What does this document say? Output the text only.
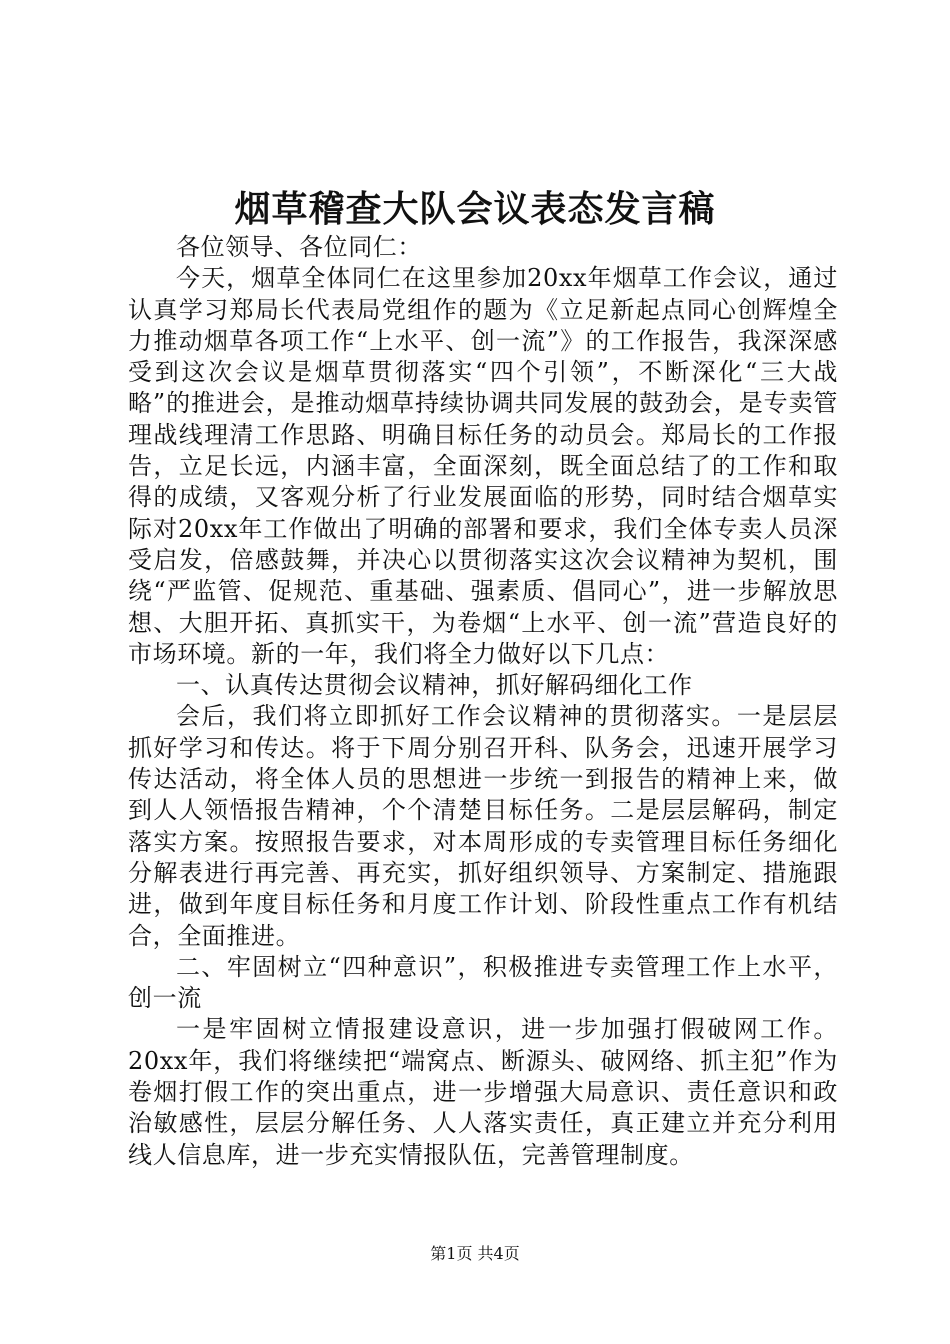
烟草稽查大队会议表态发言稿

各位领导、各位同仁：

今天，烟草全体同仁在这里参加20xx年烟草工作会议，通过认真学习郑局长代表局党组作的题为《立足新起点同心创辉煌全力推动烟草各项工作“上水平、创一流”》的工作报告，我深深感受到这次会议是烟草贯彻落实“四个引领”，不断深化“三大战略”的推进会，是推动烟草持续协调共同发展的鼓劲会，是专卖管理战线理清工作思路、明确目标任务的动员会。郑局长的工作报告，立足长远，内涵丰富，全面深刻，既全面总结了的工作和取得的成绩，又客观分析了行业发展面临的形势，同时结合烟草实际对20xx年工作做出了明确的部署和要求，我们全体专卖人员深受启发，倍感鼓舞，并决心以贯彻落实这次会议精神为契机，围绕“严监管、促规范、重基础、强素质、倡同心”，进一步解放思想、大胆开拓、真抓实干，为卷烟“上水平、创一流”营造良好的市场环境。新的一年，我们将全力做好以下几点：

一、认真传达贯彻会议精神，抓好解码细化工作

会后，我们将立即抓好工作会议精神的贯彻落实。一是层层抓好学习和传达。将于下周分别召开科、队务会，迅速开展学习传达活动，将全体人员的思想进一步统一到报告的精神上来，做到人人领悟报告精神，个个清楚目标任务。二是层层解码，制定落实方案。按照报告要求，对本周形成的专卖管理目标任务细化分解表进行再完善、再充实，抓好组织领导、方案制定、措施跟进，做到年度目标任务和月度工作计划、阶段性重点工作有机结合，全面推进。

二、牢固树立“四种意识”，积极推进专卖管理工作上水平，创一流

一是牢固树立情报建设意识，进一步加强打假破网工作。20xx年，我们将继续把“端窝点、断源头、破网络、抓主犯”作为卷烟打假工作的突出重点，进一步增强大局意识、责任意识和政治敏感性，层层分解任务、人人落实责任，真正建立并充分利用线人信息库，进一步充实情报队伍，完善管理制度。

第1页 共4页
